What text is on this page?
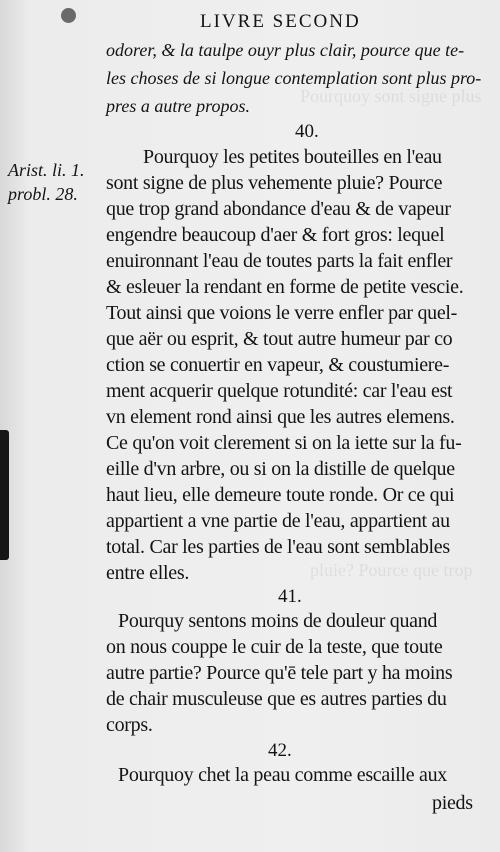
Pourquoy sont signe plus
pluie? Pource que trop
LIVRE SECOND
odorer, & la taulpe ouyr plus clair, pource que te-
les choses de si longue contemplation sont plus pro-
pres a autre propos.
40.
Arist. li. 1.
probl. 28.
Pourquoy les petites bouteilles en l'eau
sont signe de plus vehemente pluie? Pource
que trop grand abondance d'eau & de vapeur
engendre beaucoup d'aer & fort gros: lequel
enuironnant l'eau de toutes parts la fait enfler
& esleuer la rendant en forme de petite vescie.
Tout ainsi que voions le verre enfler par quel-
que aër ou esprit, & tout autre humeur par co
ction se conuertir en vapeur, & coustumiere-
ment acquerir quelque rotundité: car l'eau est
vn element rond ainsi que les autres elemens.
Ce qu'on voit clerement si on la iette sur la fu-
eille d'vn arbre, ou si on la distille de quelque
haut lieu, elle demeure toute ronde. Or ce qui
appartient a vne partie de l'eau, appartient au
total. Car les parties de l'eau sont semblables
entre elles.
41.
Pourquy sentons moins de douleur quand
on nous couppe le cuir de la teste, que toute
autre partie? Pource qu'ē tele part y ha moins
de chair musculeuse que es autres parties du
corps.
42.
Pourquoy chet la peau comme escaille aux
pieds
